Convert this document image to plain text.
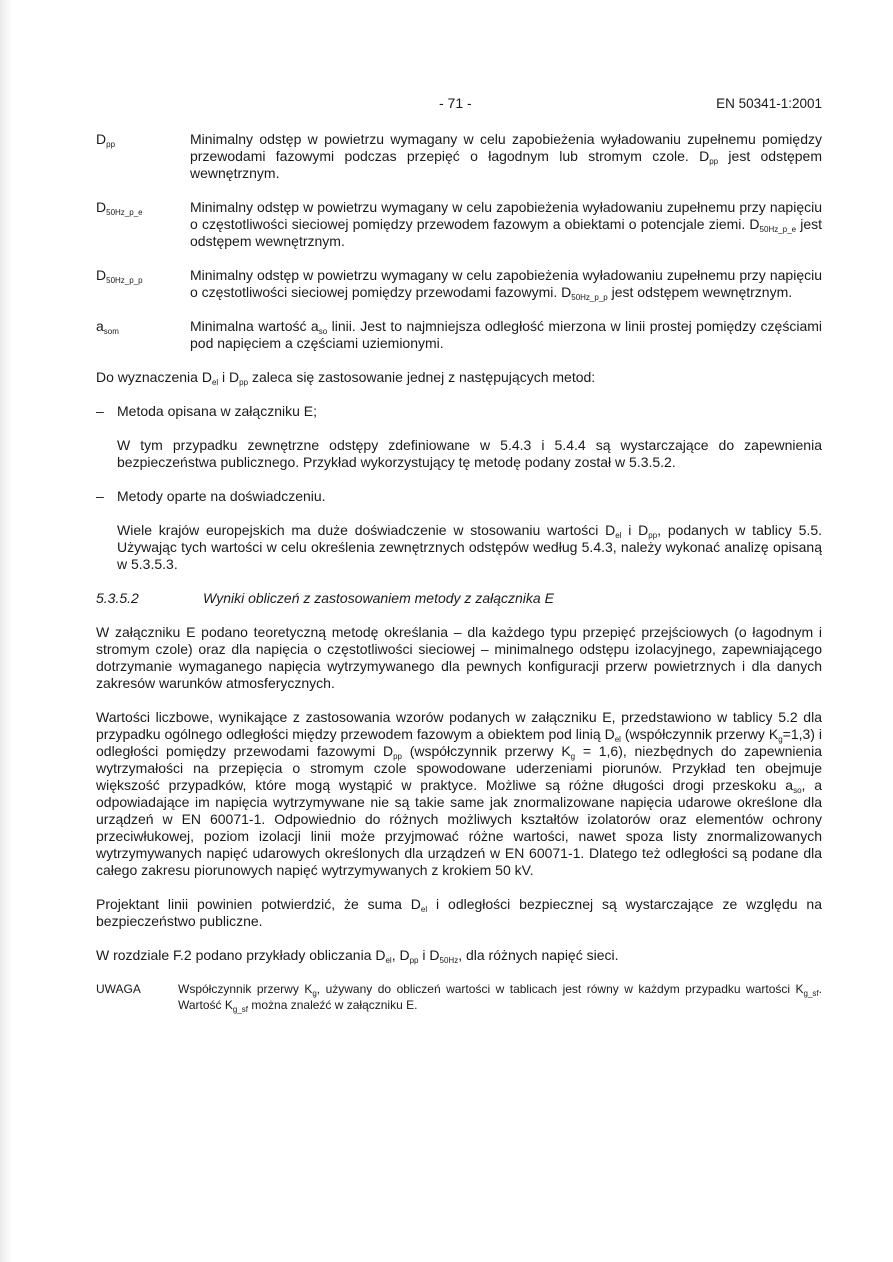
- 71 -	EN 50341-1:2001
$D_{pp}$	Minimalny odstęp w powietrzu wymagany w celu zapobieżenia wyładowaniu zupełnemu pomiędzy przewodami fazowymi podczas przepięć o łagodnym lub stromym czole. $D_{pp}$ jest odstępem wewnętrznym.

$D_{50Hz\_p\_e}$	Minimalny odstęp w powietrzu wymagany w celu zapobieżenia wyładowaniu zupełnemu przy napięciu o częstotliwości sieciowej pomiędzy przewodem fazowym a obiektami o potencjale ziemi. $D_{50Hz\_p\_e}$ jest odstępem wewnętrznym.

$D_{50Hz\_p\_p}$	Minimalny odstęp w powietrzu wymagany w celu zapobieżenia wyładowaniu zupełnemu przy napięciu o częstotliwości sieciowej pomiędzy przewodami fazowymi. $D_{50Hz\_p\_p}$ jest odstępem wewnętrznym.

$a_{som}$	Minimalna wartość $a_{so}$ linii. Jest to najmniejsza odległość mierzona w linii prostej pomiędzy częściami pod napięciem a częściami uziemionymi.

Do wyznaczenia $D_{el}$ i $D_{pp}$ zaleca się zastosowanie jednej z następujących metod:

– Metoda opisana w załączniku E;

W tym przypadku zewnętrzne odstępy zdefiniowane w 5.4.3 i 5.4.4 są wystarczające do zapewnienia bezpieczeństwa publicznego. Przykład wykorzystujący tę metodę podany został w 5.3.5.2.

– Metody oparte na doświadczeniu.

Wiele krajów europejskich ma duże doświadczenie w stosowaniu wartości $D_{el}$ i $D_{pp}$, podanych w tablicy 5.5. Używając tych wartości w celu określenia zewnętrznych odstępów według 5.4.3, należy wykonać analizę opisaną w 5.3.5.3.

5.3.5.2	Wyniki obliczeń z zastosowaniem metody z załącznika E

W załączniku E podano teoretyczną metodę określania – dla każdego typu przepięć przejściowych (o łagodnym i stromym czole) oraz dla napięcia o częstotliwości sieciowej – minimalnego odstępu izolacyjnego, zapewniającego dotrzymanie wymaganego napięcia wytrzymywanego dla pewnych konfiguracji przerw powietrznych i dla danych zakresów warunków atmosferycznych.

Wartości liczbowe, wynikające z zastosowania wzorów podanych w załączniku E, przedstawiono w tablicy 5.2 dla przypadku ogólnego odległości między przewodem fazowym a obiektem pod linią $D_{el}$ (współczynnik przerwy $K_g=1,3$) i odległości pomiędzy przewodami fazowymi $D_{pp}$ (współczynnik przerwy $K_g = 1,6$), niezbędnych do zapewnienia wytrzymałości na przepięcia o stromym czole spowodowane uderzeniami piorunów. Przykład ten obejmuje większość przypadków, które mogą wystąpić w praktyce. Możliwe są różne długości drogi przeskoku $a_{so}$, a odpowiadające im napięcia wytrzymywane nie są takie same jak znormalizowane napięcia udarowe określone dla urządzeń w EN 60071-1. Odpowiednio do różnych możliwych kształtów izolatorów oraz elementów ochrony przeciwłukowej, poziom izolacji linii może przyjmować różne wartości, nawet spoza listy znormalizowanych wytrzymywanych napięć udarowych określonych dla urządzeń w EN 60071-1. Dlatego też odległości są podane dla całego zakresu piorunowych napięć wytrzymywanych z krokiem 50 kV.

Projektant linii powinien potwierdzić, że suma $D_{el}$ i odległości bezpiecznej są wystarczające ze względu na bezpieczeństwo publiczne.

W rozdziale F.2 podano przykłady obliczania $D_{el}$, $D_{pp}$ i $D_{50Hz}$, dla różnych napięć sieci.

UWAGA	Współczynnik przerwy $K_g$, używany do obliczeń wartości w tablicach jest równy w każdym przypadku wartości $K_{g\_sf}$. Wartość $K_{g\_sf}$ można znaleźć w załączniku E.
